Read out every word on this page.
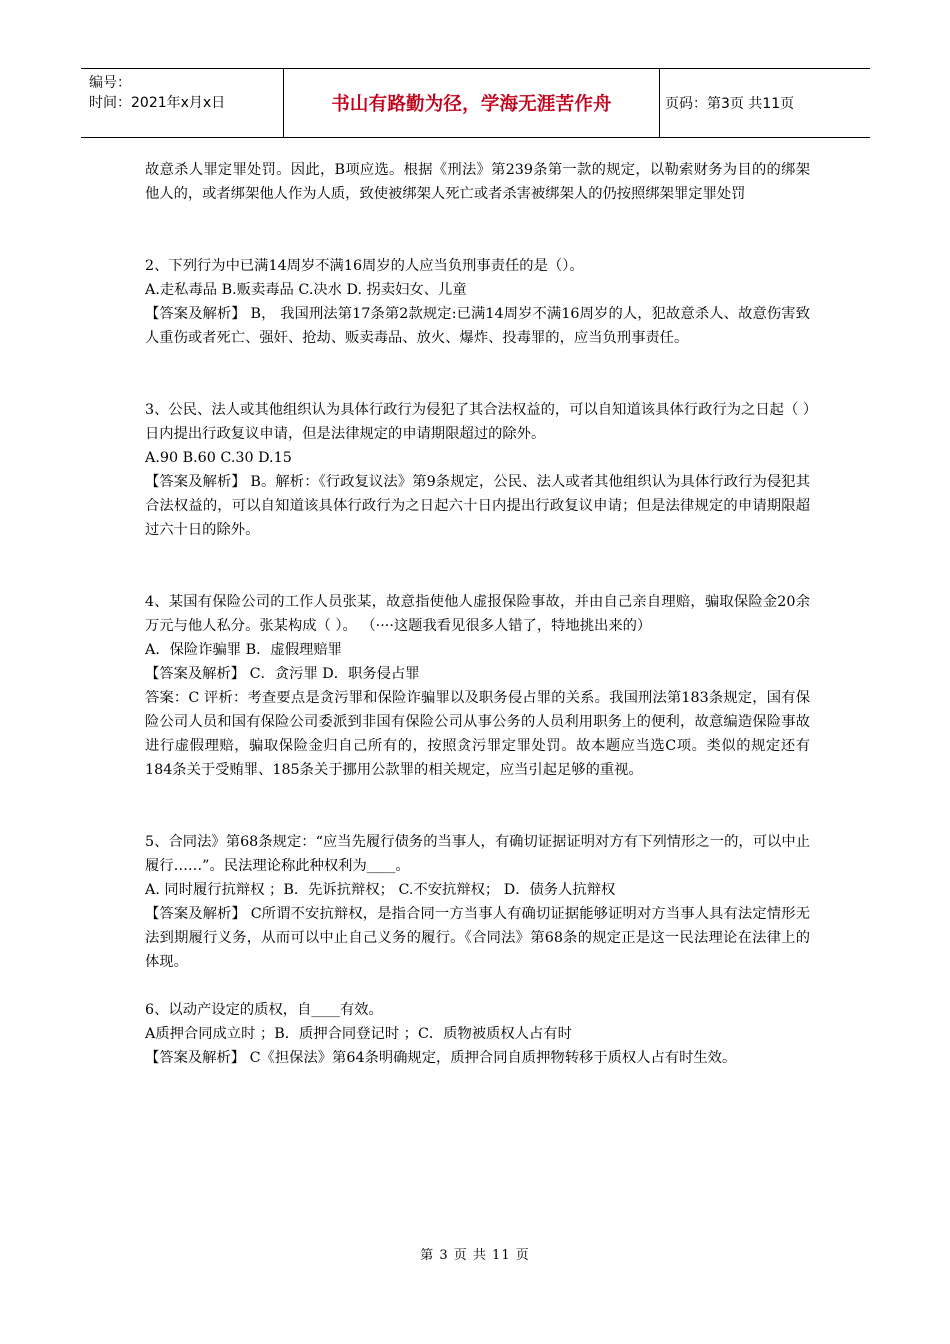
编号：
时间：2021年x月x日	书山有路勤为径，学海无涯苦作舟	页码：第3页 共11页

故意杀人罪定罪处罚。因此，B项应选。根据《刑法》第239条第一款的规定，以勒索财务为目的的绑架他人的，或者绑架他人作为人质，致使被绑架人死亡或者杀害被绑架人的仍按照绑架罪定罪处罚

2、下列行为中已满14周岁不满16周岁的人应当负刑事责任的是（）。

A.走私毒品 B.贩卖毒品 C.决水 D. 拐卖妇女、儿童

【答案及解析】 B， 我国刑法第17条第2款规定:已满14周岁不满16周岁的人，犯故意杀人、故意伤害致人重伤或者死亡、强奸、抢劫、贩卖毒品、放火、爆炸、投毒罪的，应当负刑事责任。

3、公民、法人或其他组织认为具体行政行为侵犯了其合法权益的，可以自知道该具体行政行为之日起（ ）日内提出行政复议申请，但是法律规定的申请期限超过的除外。

A.90 B.60 C.30 D.15

【答案及解析】 B。解析：《行政复议法》第9条规定，公民、法人或者其他组织认为具体行政行为侵犯其合法权益的，可以自知道该具体行政行为之日起六十日内提出行政复议申请；但是法律规定的申请期限超过六十日的除外。

4、某国有保险公司的工作人员张某，故意指使他人虚报保险事故，并由自己亲自理赔，骗取保险金20余万元与他人私分。张某构成（ ）。 （····这题我看见很多人错了，特地挑出来的）

A．保险诈骗罪 B．虚假理赔罪

【答案及解析】 C．贪污罪 D．职务侵占罪

答案：C 评析：考查要点是贪污罪和保险诈骗罪以及职务侵占罪的关系。我国刑法第183条规定，国有保险公司人员和国有保险公司委派到非国有保险公司从事公务的人员利用职务上的便利，故意编造保险事故进行虚假理赔，骗取保险金归自己所有的，按照贪污罪定罪处罚。故本题应当选C项。类似的规定还有184条关于受贿罪、185条关于挪用公款罪的相关规定，应当引起足够的重视。

5、合同法》第68条规定：“应当先履行债务的当事人，有确切证据证明对方有下列情形之一的，可以中止履行……”。民法理论称此种权利为____。

A. 同时履行抗辩权 ；B．先诉抗辩权； C.不安抗辩权； D．债务人抗辩权

【答案及解析】 C所谓不安抗辩权，是指合同一方当事人有确切证据能够证明对方当事人具有法定情形无法到期履行义务，从而可以中止自己义务的履行。《合同法》第68条的规定正是这一民法理论在法律上的体现。

6、以动产设定的质权，自____有效。

A质押合同成立时 ；B．质押合同登记时 ；C．质物被质权人占有时

【答案及解析】 C《担保法》第64条明确规定，质押合同自质押物转移于质权人占有时生效。

第 3 页 共 11 页
